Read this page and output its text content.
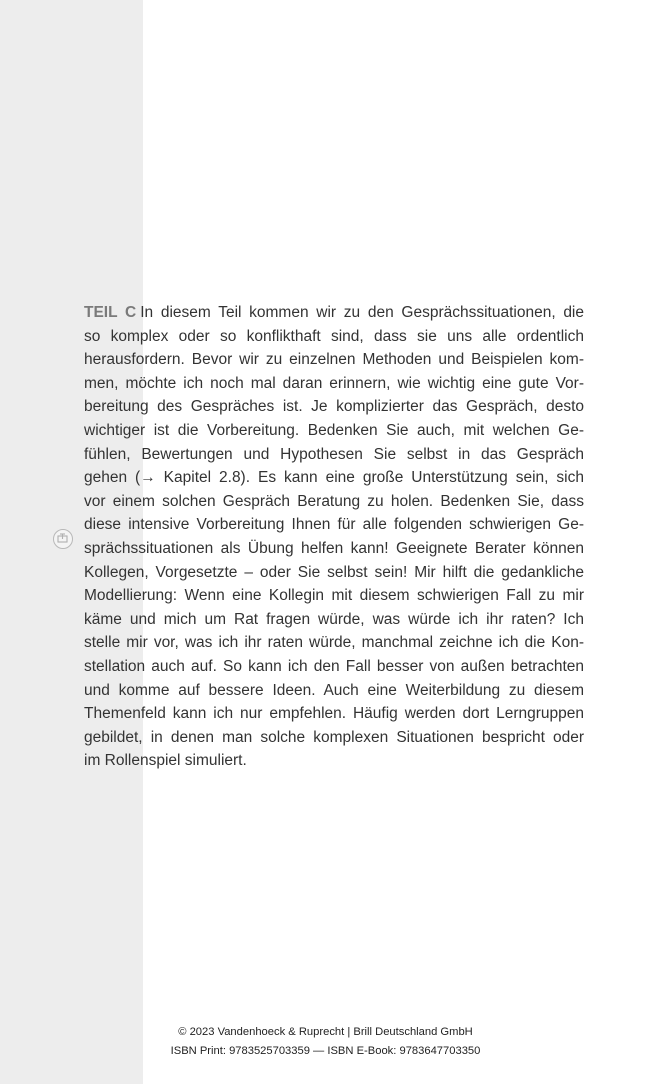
TEIL C In diesem Teil kommen wir zu den Gesprächssituationen, die
so komplex oder so konflikthaft sind, dass sie uns alle ordentlich
herausfordern. Bevor wir zu einzelnen Methoden und Beispielen kom-
men, möchte ich noch mal daran erinnern, wie wichtig eine gute Vor-
bereitung des Gespräches ist. Je komplizierter das Gespräch, desto
wichtiger ist die Vorbereitung. Bedenken Sie auch, mit welchen Ge-
fühlen, Bewertungen und Hypothesen Sie selbst in das Gespräch
gehen (→ Kapitel 2.8). Es kann eine große Unterstützung sein, sich
vor einem solchen Gespräch Beratung zu holen. Bedenken Sie, dass
diese intensive Vorbereitung Ihnen für alle folgenden schwierigen Ge-
sprächssituationen als Übung helfen kann! Geeignete Berater können
Kollegen, Vorgesetzte – oder Sie selbst sein! Mir hilft die gedankliche
Modellierung: Wenn eine Kollegin mit diesem schwierigen Fall zu mir
käme und mich um Rat fragen würde, was würde ich ihr raten? Ich
stelle mir vor, was ich ihr raten würde, manchmal zeichne ich die Kon-
stellation auch auf. So kann ich den Fall besser von außen betrachten
und komme auf bessere Ideen. Auch eine Weiterbildung zu diesem
Themenfeld kann ich nur empfehlen. Häufig werden dort Lerngruppen
gebildet, in denen man solche komplexen Situationen bespricht oder
im Rollenspiel simuliert.
© 2023 Vandenhoeck & Ruprecht | Brill Deutschland GmbH
ISBN Print: 9783525703359 — ISBN E-Book: 9783647703350
